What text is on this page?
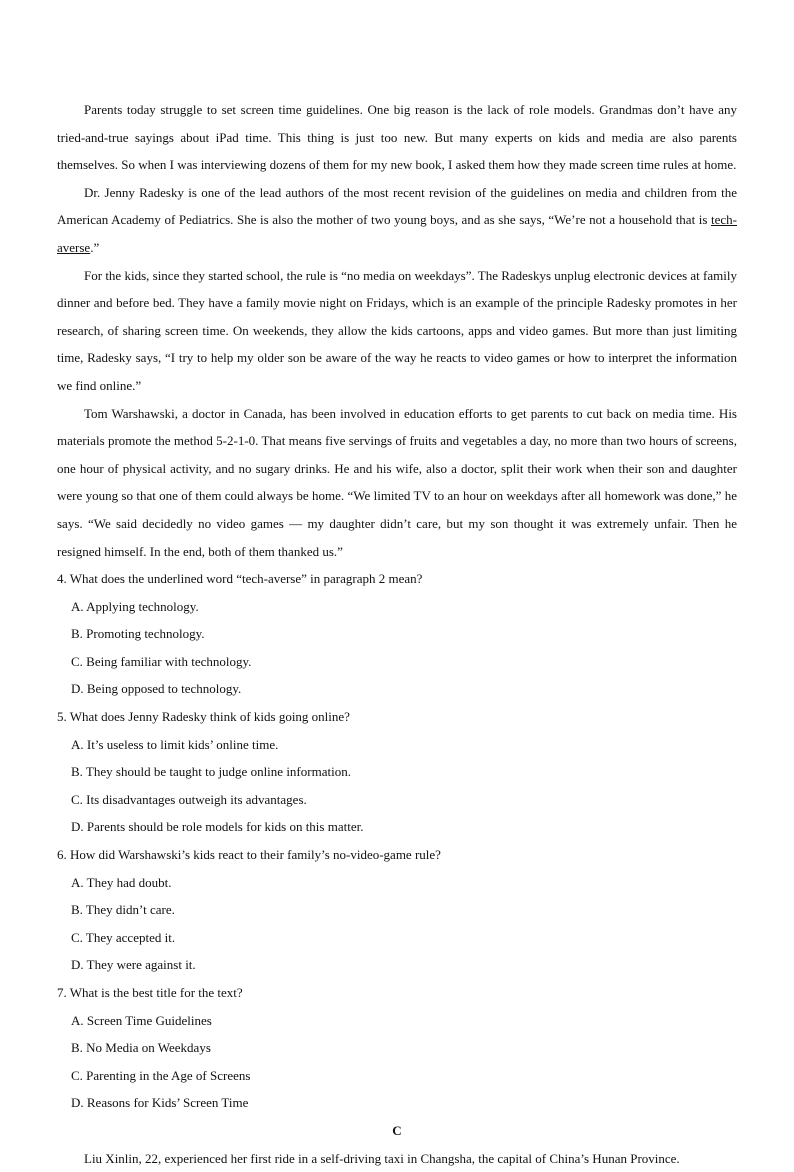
Parents today struggle to set screen time guidelines. One big reason is the lack of role models. Grandmas don’t have any tried-and-true sayings about iPad time. This thing is just too new. But many experts on kids and media are also parents themselves. So when I was interviewing dozens of them for my new book, I asked them how they made screen time rules at home.

Dr. Jenny Radesky is one of the lead authors of the most recent revision of the guidelines on media and children from the American Academy of Pediatrics. She is also the mother of two young boys, and as she says, “We’re not a household that is tech-averse.”

For the kids, since they started school, the rule is “no media on weekdays”. The Radeskys unplug electronic devices at family dinner and before bed. They have a family movie night on Fridays, which is an example of the principle Radesky promotes in her research, of sharing screen time. On weekends, they allow the kids cartoons, apps and video games. But more than just limiting time, Radesky says, “I try to help my older son be aware of the way he reacts to video games or how to interpret the information we find online.”

Tom Warshawski, a doctor in Canada, has been involved in education efforts to get parents to cut back on media time. His materials promote the method 5-2-1-0. That means five servings of fruits and vegetables a day, no more than two hours of screens, one hour of physical activity, and no sugary drinks. He and his wife, also a doctor, split their work when their son and daughter were young so that one of them could always be home. “We limited TV to an hour on weekdays after all homework was done,” he says. “We said decidedly no video games — my daughter didn’t care, but my son thought it was extremely unfair. Then he resigned himself. In the end, both of them thanked us.”

4. What does the underlined word “tech-averse” in paragraph 2 mean?

A. Applying technology.
B. Promoting technology.
C. Being familiar with technology.
D. Being opposed to technology.

5. What does Jenny Radesky think of kids going online?

A. It’s useless to limit kids’ online time.
B. They should be taught to judge online information.
C. Its disadvantages outweigh its advantages.
D. Parents should be role models for kids on this matter.

6. How did Warshawski’s kids react to their family’s no-video-game rule?

A. They had doubt.
B. They didn’t care.
C. They accepted it.
D. They were against it.

7. What is the best title for the text?

A. Screen Time Guidelines
B. No Media on Weekdays
C. Parenting in the Age of Screens
D. Reasons for Kids’ Screen Time

C

Liu Xinlin, 22, experienced her first ride in a self-driving taxi in Changsha, the capital of China’s Hunan Province.
